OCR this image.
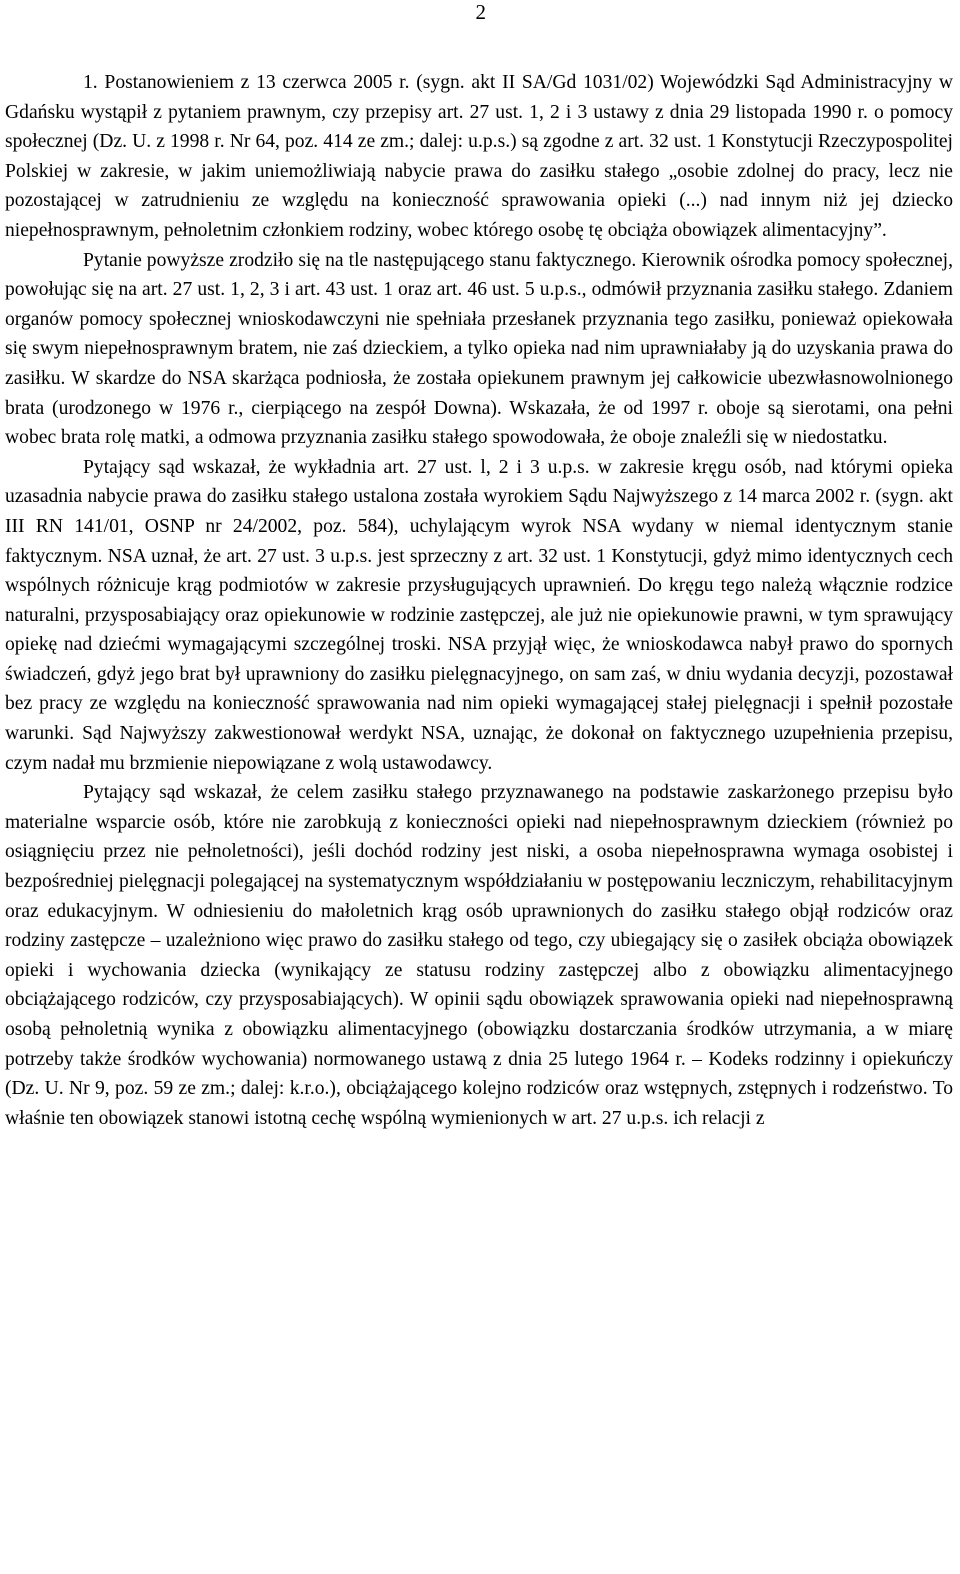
2

1. Postanowieniem z 13 czerwca 2005 r. (sygn. akt II SA/Gd 1031/02) Wojewódzki Sąd Administracyjny w Gdańsku wystąpił z pytaniem prawnym, czy przepisy art. 27 ust. 1, 2 i 3 ustawy z dnia 29 listopada 1990 r. o pomocy społecznej (Dz. U. z 1998 r. Nr 64, poz. 414 ze zm.; dalej: u.p.s.) są zgodne z art. 32 ust. 1 Konstytucji Rzeczypospolitej Polskiej w zakresie, w jakim uniemożliwiają nabycie prawa do zasiłku stałego „osobie zdolnej do pracy, lecz nie pozostającej w zatrudnieniu ze względu na konieczność sprawowania opieki (...) nad innym niż jej dziecko niepełnosprawnym, pełnoletnim członkiem rodziny, wobec którego osobę tę obciąża obowiązek alimentacyjny”.

Pytanie powyższe zrodziło się na tle następującego stanu faktycznego. Kierownik ośrodka pomocy społecznej, powołując się na art. 27 ust. 1, 2, 3 i art. 43 ust. 1 oraz art. 46 ust. 5 u.p.s., odmówił przyznania zasiłku stałego. Zdaniem organów pomocy społecznej wnioskodawczyni nie spełniała przesłanek przyznania tego zasiłku, ponieważ opiekowała się swym niepełnosprawnym bratem, nie zaś dzieckiem, a tylko opieka nad nim uprawniałaby ją do uzyskania prawa do zasiłku. W skardze do NSA skarżąca podniosła, że została opiekunem prawnym jej całkowicie ubezwłasnowolnionego brata (urodzonego w 1976 r., cierpiącego na zespół Downa). Wskazała, że od 1997 r. oboje są sierotami, ona pełni wobec brata rolę matki, a odmowa przyznania zasiłku stałego spowodowała, że oboje znaleźli się w niedostatku.

Pytający sąd wskazał, że wykładnia art. 27 ust. l, 2 i 3 u.p.s. w zakresie kręgu osób, nad którymi opieka uzasadnia nabycie prawa do zasiłku stałego ustalona została wyrokiem Sądu Najwyższego z 14 marca 2002 r. (sygn. akt III RN 141/01, OSNP nr 24/2002, poz. 584), uchylającym wyrok NSA wydany w niemal identycznym stanie faktycznym. NSA uznał, że art. 27 ust. 3 u.p.s. jest sprzeczny z art. 32 ust. 1 Konstytucji, gdyż mimo identycznych cech wspólnych różnicuje krąg podmiotów w zakresie przysługujących uprawnień. Do kręgu tego należą włącznie rodzice naturalni, przysposabiający oraz opiekunowie w rodzinie zastępczej, ale już nie opiekunowie prawni, w tym sprawujący opiekę nad dziećmi wymagającymi szczególnej troski. NSA przyjął więc, że wnioskodawca nabył prawo do spornych świadczeń, gdyż jego brat był uprawniony do zasiłku pielęgnacyjnego, on sam zaś, w dniu wydania decyzji, pozostawał bez pracy ze względu na konieczność sprawowania nad nim opieki wymagającej stałej pielęgnacji i spełnił pozostałe warunki. Sąd Najwyższy zakwestionował werdykt NSA, uznając, że dokonał on faktycznego uzupełnienia przepisu, czym nadał mu brzmienie niepowiązane z wolą ustawodawcy.

Pytający sąd wskazał, że celem zasiłku stałego przyznawanego na podstawie zaskarżonego przepisu było materialne wsparcie osób, które nie zarobkują z konieczności opieki nad niepełnosprawnym dzieckiem (również po osiągnięciu przez nie pełnoletności), jeśli dochód rodziny jest niski, a osoba niepełnosprawna wymaga osobistej i bezpośredniej pielęgnacji polegającej na systematycznym współdziałaniu w postępowaniu leczniczym, rehabilitacyjnym oraz edukacyjnym. W odniesieniu do małoletnich krąg osób uprawnionych do zasiłku stałego objął rodziców oraz rodziny zastępcze – uzależniono więc prawo do zasiłku stałego od tego, czy ubiegający się o zasiłek obciąża obowiązek opieki i wychowania dziecka (wynikający ze statusu rodziny zastępczej albo z obowiązku alimentacyjnego obciążającego rodziców, czy przysposabiających). W opinii sądu obowiązek sprawowania opieki nad niepełnosprawną osobą pełnoletnią wynika z obowiązku alimentacyjnego (obowiązku dostarczania środków utrzymania, a w miarę potrzeby także środków wychowania) normowanego ustawą z dnia 25 lutego 1964 r. – Kodeks rodzinny i opiekuńczy (Dz. U. Nr 9, poz. 59 ze zm.; dalej: k.r.o.), obciążającego kolejno rodziców oraz wstępnych, zstępnych i rodzeństwo. To właśnie ten obowiązek stanowi istotną cechę wspólną wymienionych w art. 27 u.p.s. ich relacji z
